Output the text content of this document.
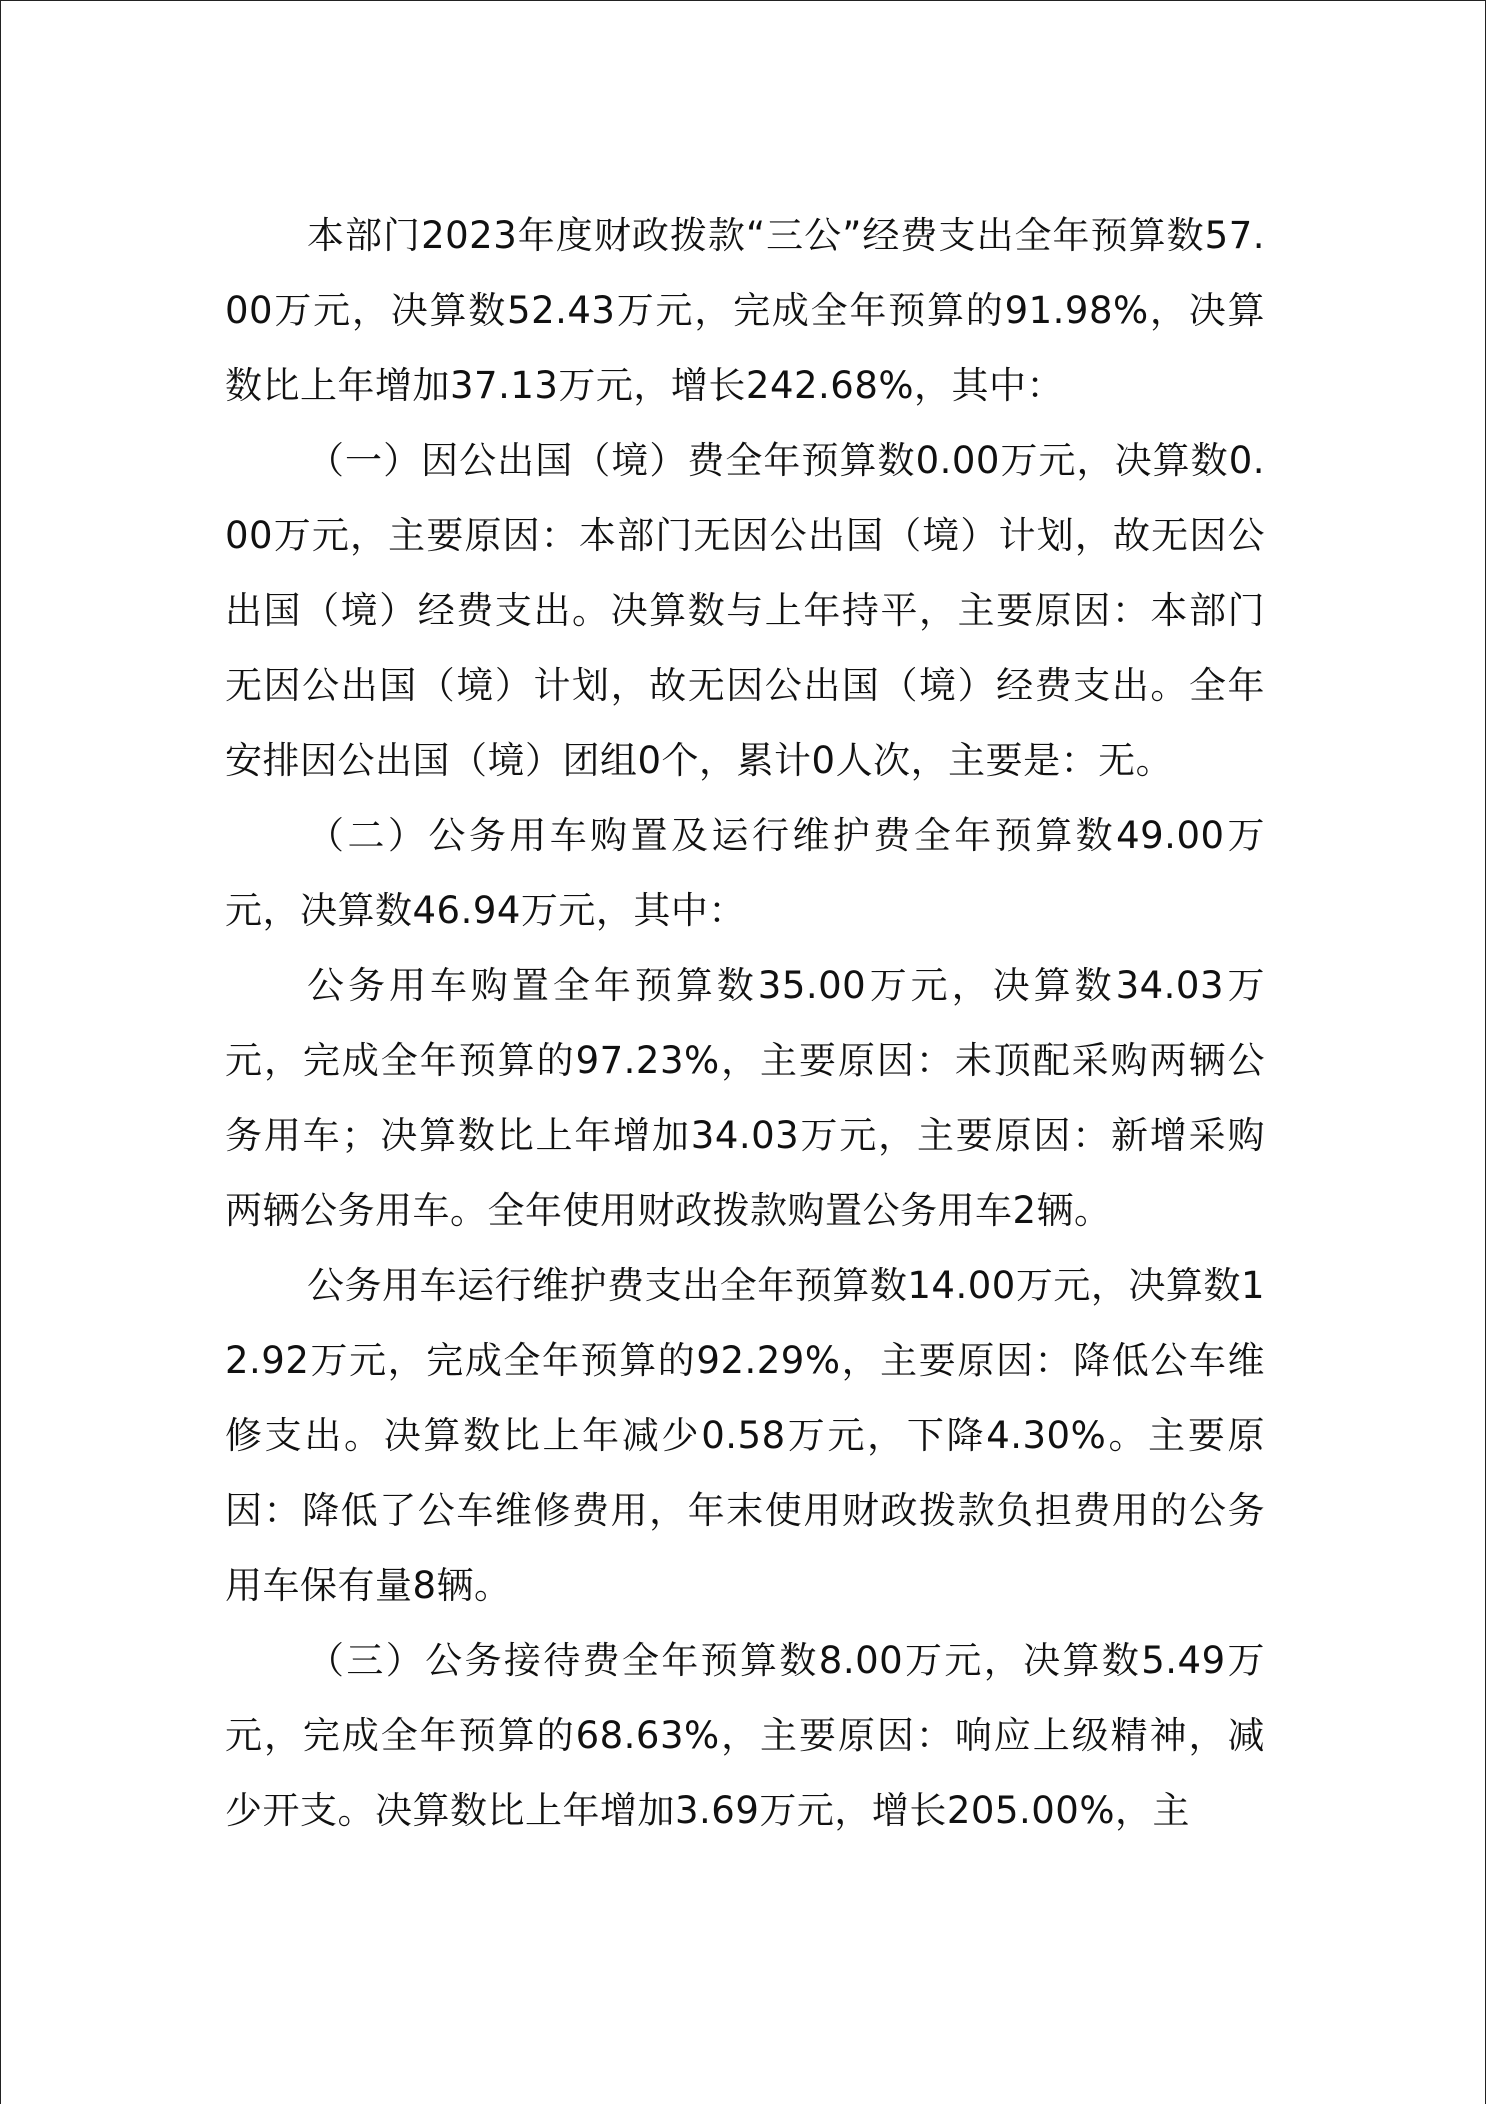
本部门2023年度财政拨款“三公”经费支出全年预算数57.00万元，决算数52.43万元，完成全年预算的91.98%，决算数比上年增加37.13万元，增长242.68%，其中：

（一）因公出国（境）费全年预算数0.00万元，决算数0.00万元，主要原因：本部门无因公出国（境）计划，故无因公出国（境）经费支出。决算数与上年持平，主要原因：本部门无因公出国（境）计划，故无因公出国（境）经费支出。全年安排因公出国（境）团组0个，累计0人次，主要是：无。

（二）公务用车购置及运行维护费全年预算数49.00万元，决算数46.94万元，其中：

公务用车购置全年预算数35.00万元，决算数34.03万元，完成全年预算的97.23%，主要原因：未顶配采购两辆公务用车；决算数比上年增加34.03万元，主要原因：新增采购两辆公务用车。全年使用财政拨款购置公务用车2辆。

公务用车运行维护费支出全年预算数14.00万元，决算数12.92万元，完成全年预算的92.29%，主要原因：降低公车维修支出。决算数比上年减少0.58万元，下降4.30%。主要原因：降低了公车维修费用，年末使用财政拨款负担费用的公务用车保有量8辆。

（三）公务接待费全年预算数8.00万元，决算数5.49万元，完成全年预算的68.63%，主要原因：响应上级精神，减少开支。决算数比上年增加3.69万元，增长205.00%，主
